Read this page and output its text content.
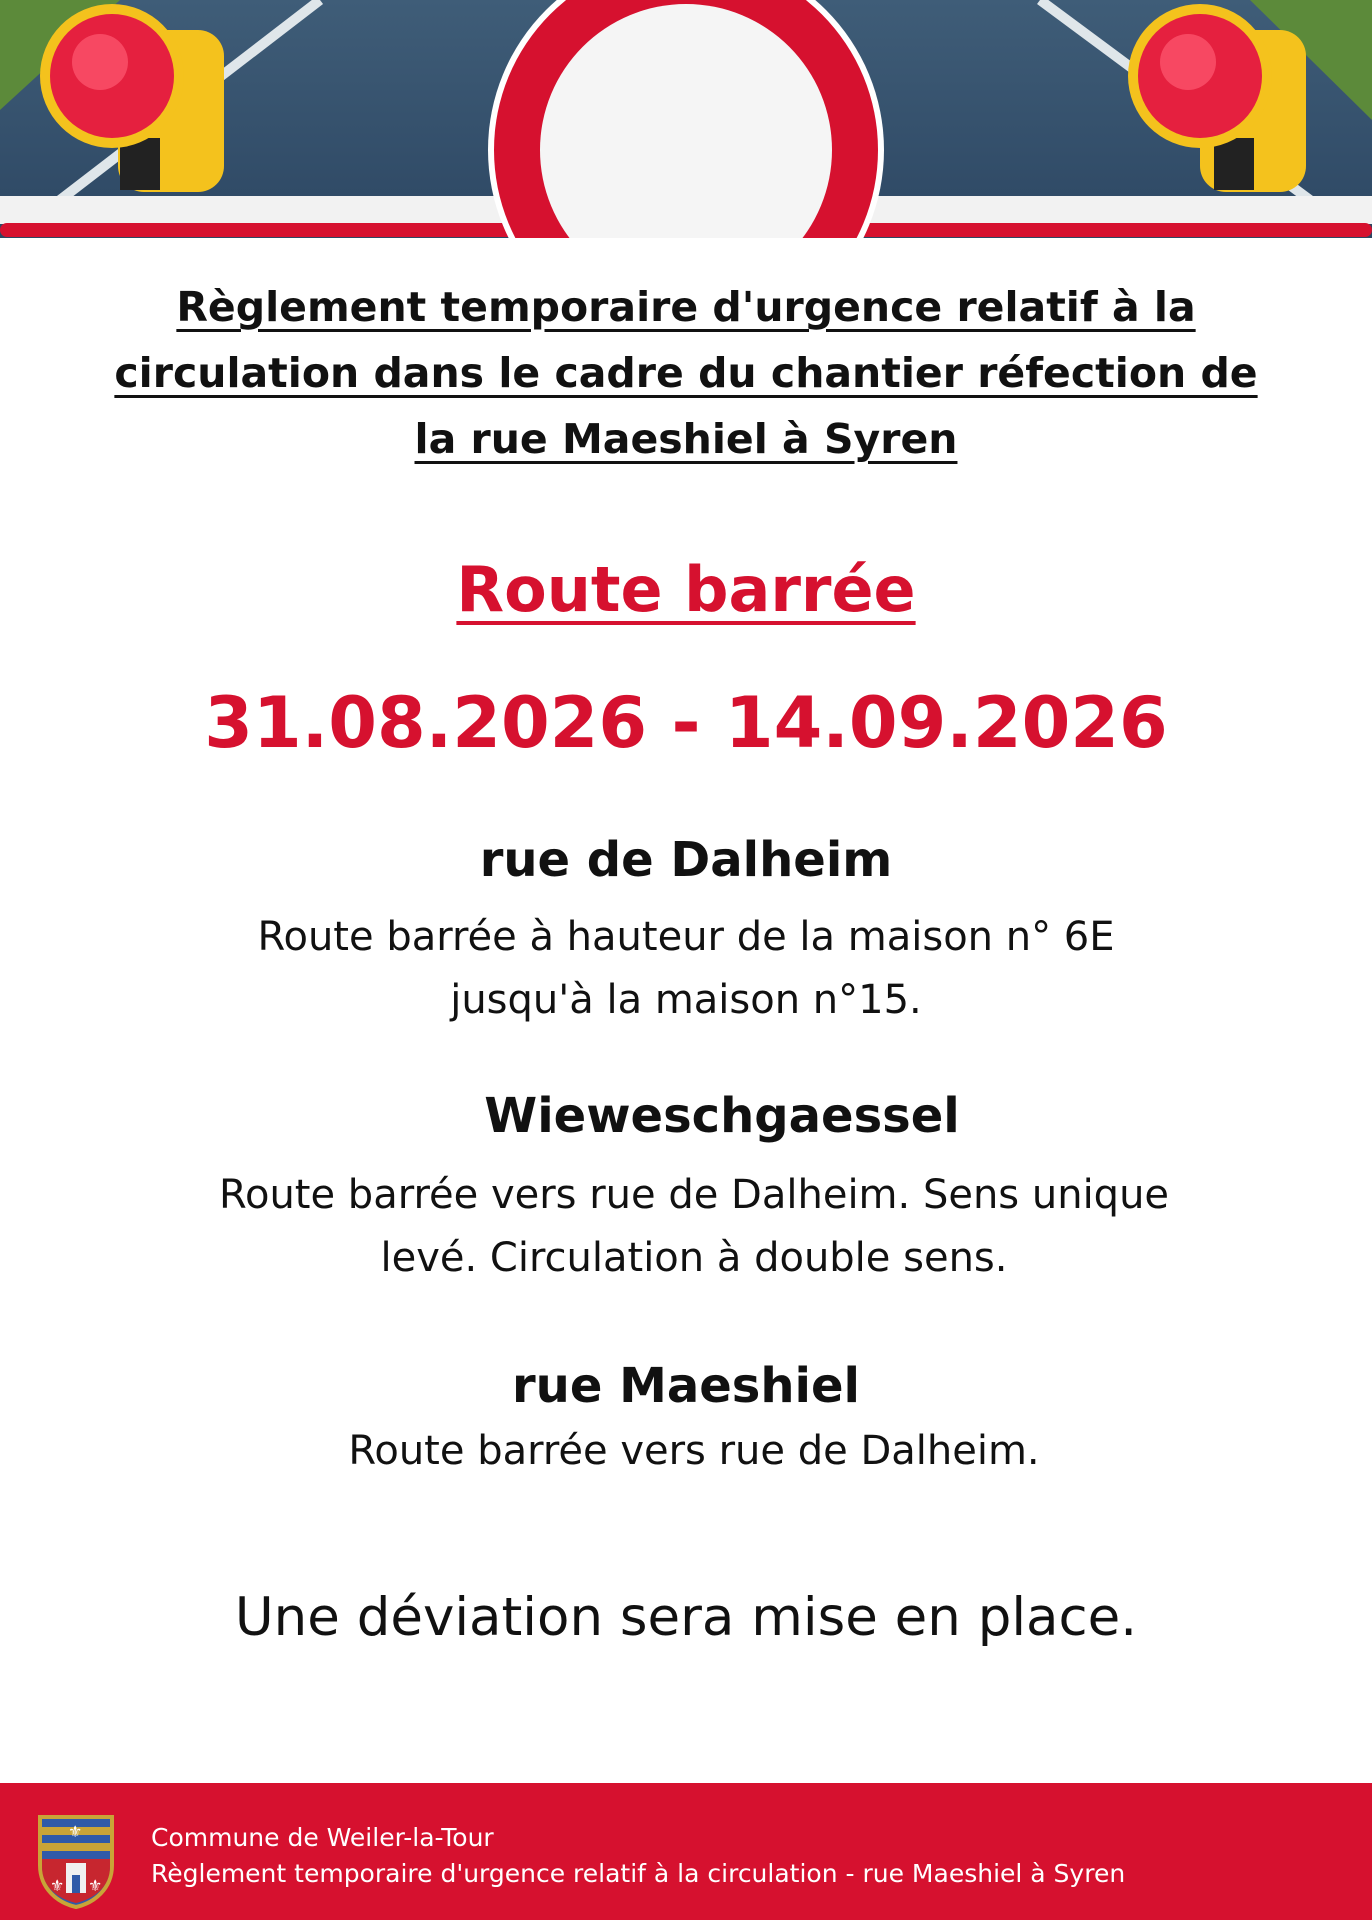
Règlement temporaire d'urgence relatif à la
circulation dans le cadre du chantier réfection de
la rue Maeshiel à Syren

Route barrée

31.08.2026 - 14.09.2026

rue de Dalheim

Route barrée à hauteur de la maison n° 6E
jusqu'à la maison n°15.

Wieweschgaessel

Route barrée vers rue de Dalheim. Sens unique
levé. Circulation à double sens.

rue Maeshiel

Route barrée vers rue de Dalheim.

Une déviation sera mise en place.

⚜ ⚜
⚜	Commune de Weiler-la-Tour

Règlement temporaire d'urgence relatif à la circulation - rue Maeshiel à Syren
